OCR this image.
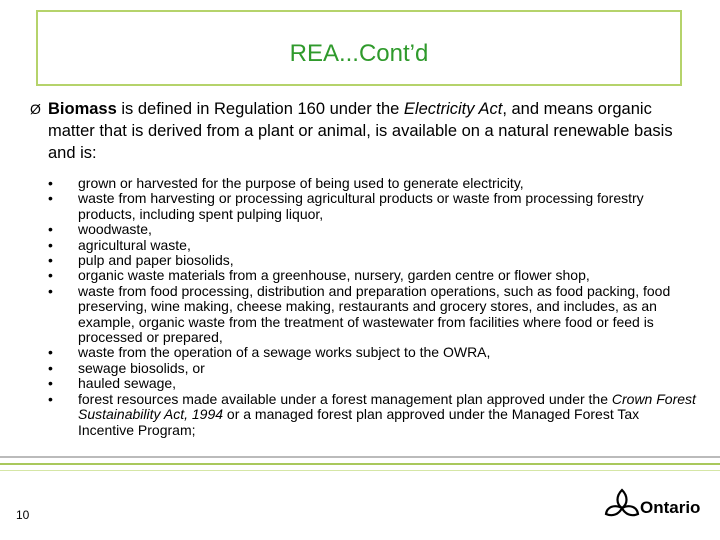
REA...Cont’d
Ø Biomass is defined in Regulation 160 under the Electricity Act, and means organic matter that is derived from a plant or animal, is available on a natural renewable basis and is:
• grown or harvested for the purpose of being used to generate electricity,
• waste from harvesting or processing agricultural products or waste from processing forestry products, including spent pulping liquor,
• woodwaste,
• agricultural waste,
• pulp and paper biosolids,
• organic waste materials from a greenhouse, nursery, garden centre or flower shop,
• waste from food processing, distribution and preparation operations, such as food packing, food preserving, wine making, cheese making, restaurants and grocery stores, and includes, as an example, organic waste from the treatment of wastewater from facilities where food or feed is processed or prepared,
• waste from the operation of a sewage works subject to the OWRA,
• sewage biosolids, or
• hauled sewage,
• forest resources made available under a forest management plan approved under the Crown Forest Sustainability Act, 1994 or a managed forest plan approved under the Managed Forest Tax Incentive Program;
10	Ontario
